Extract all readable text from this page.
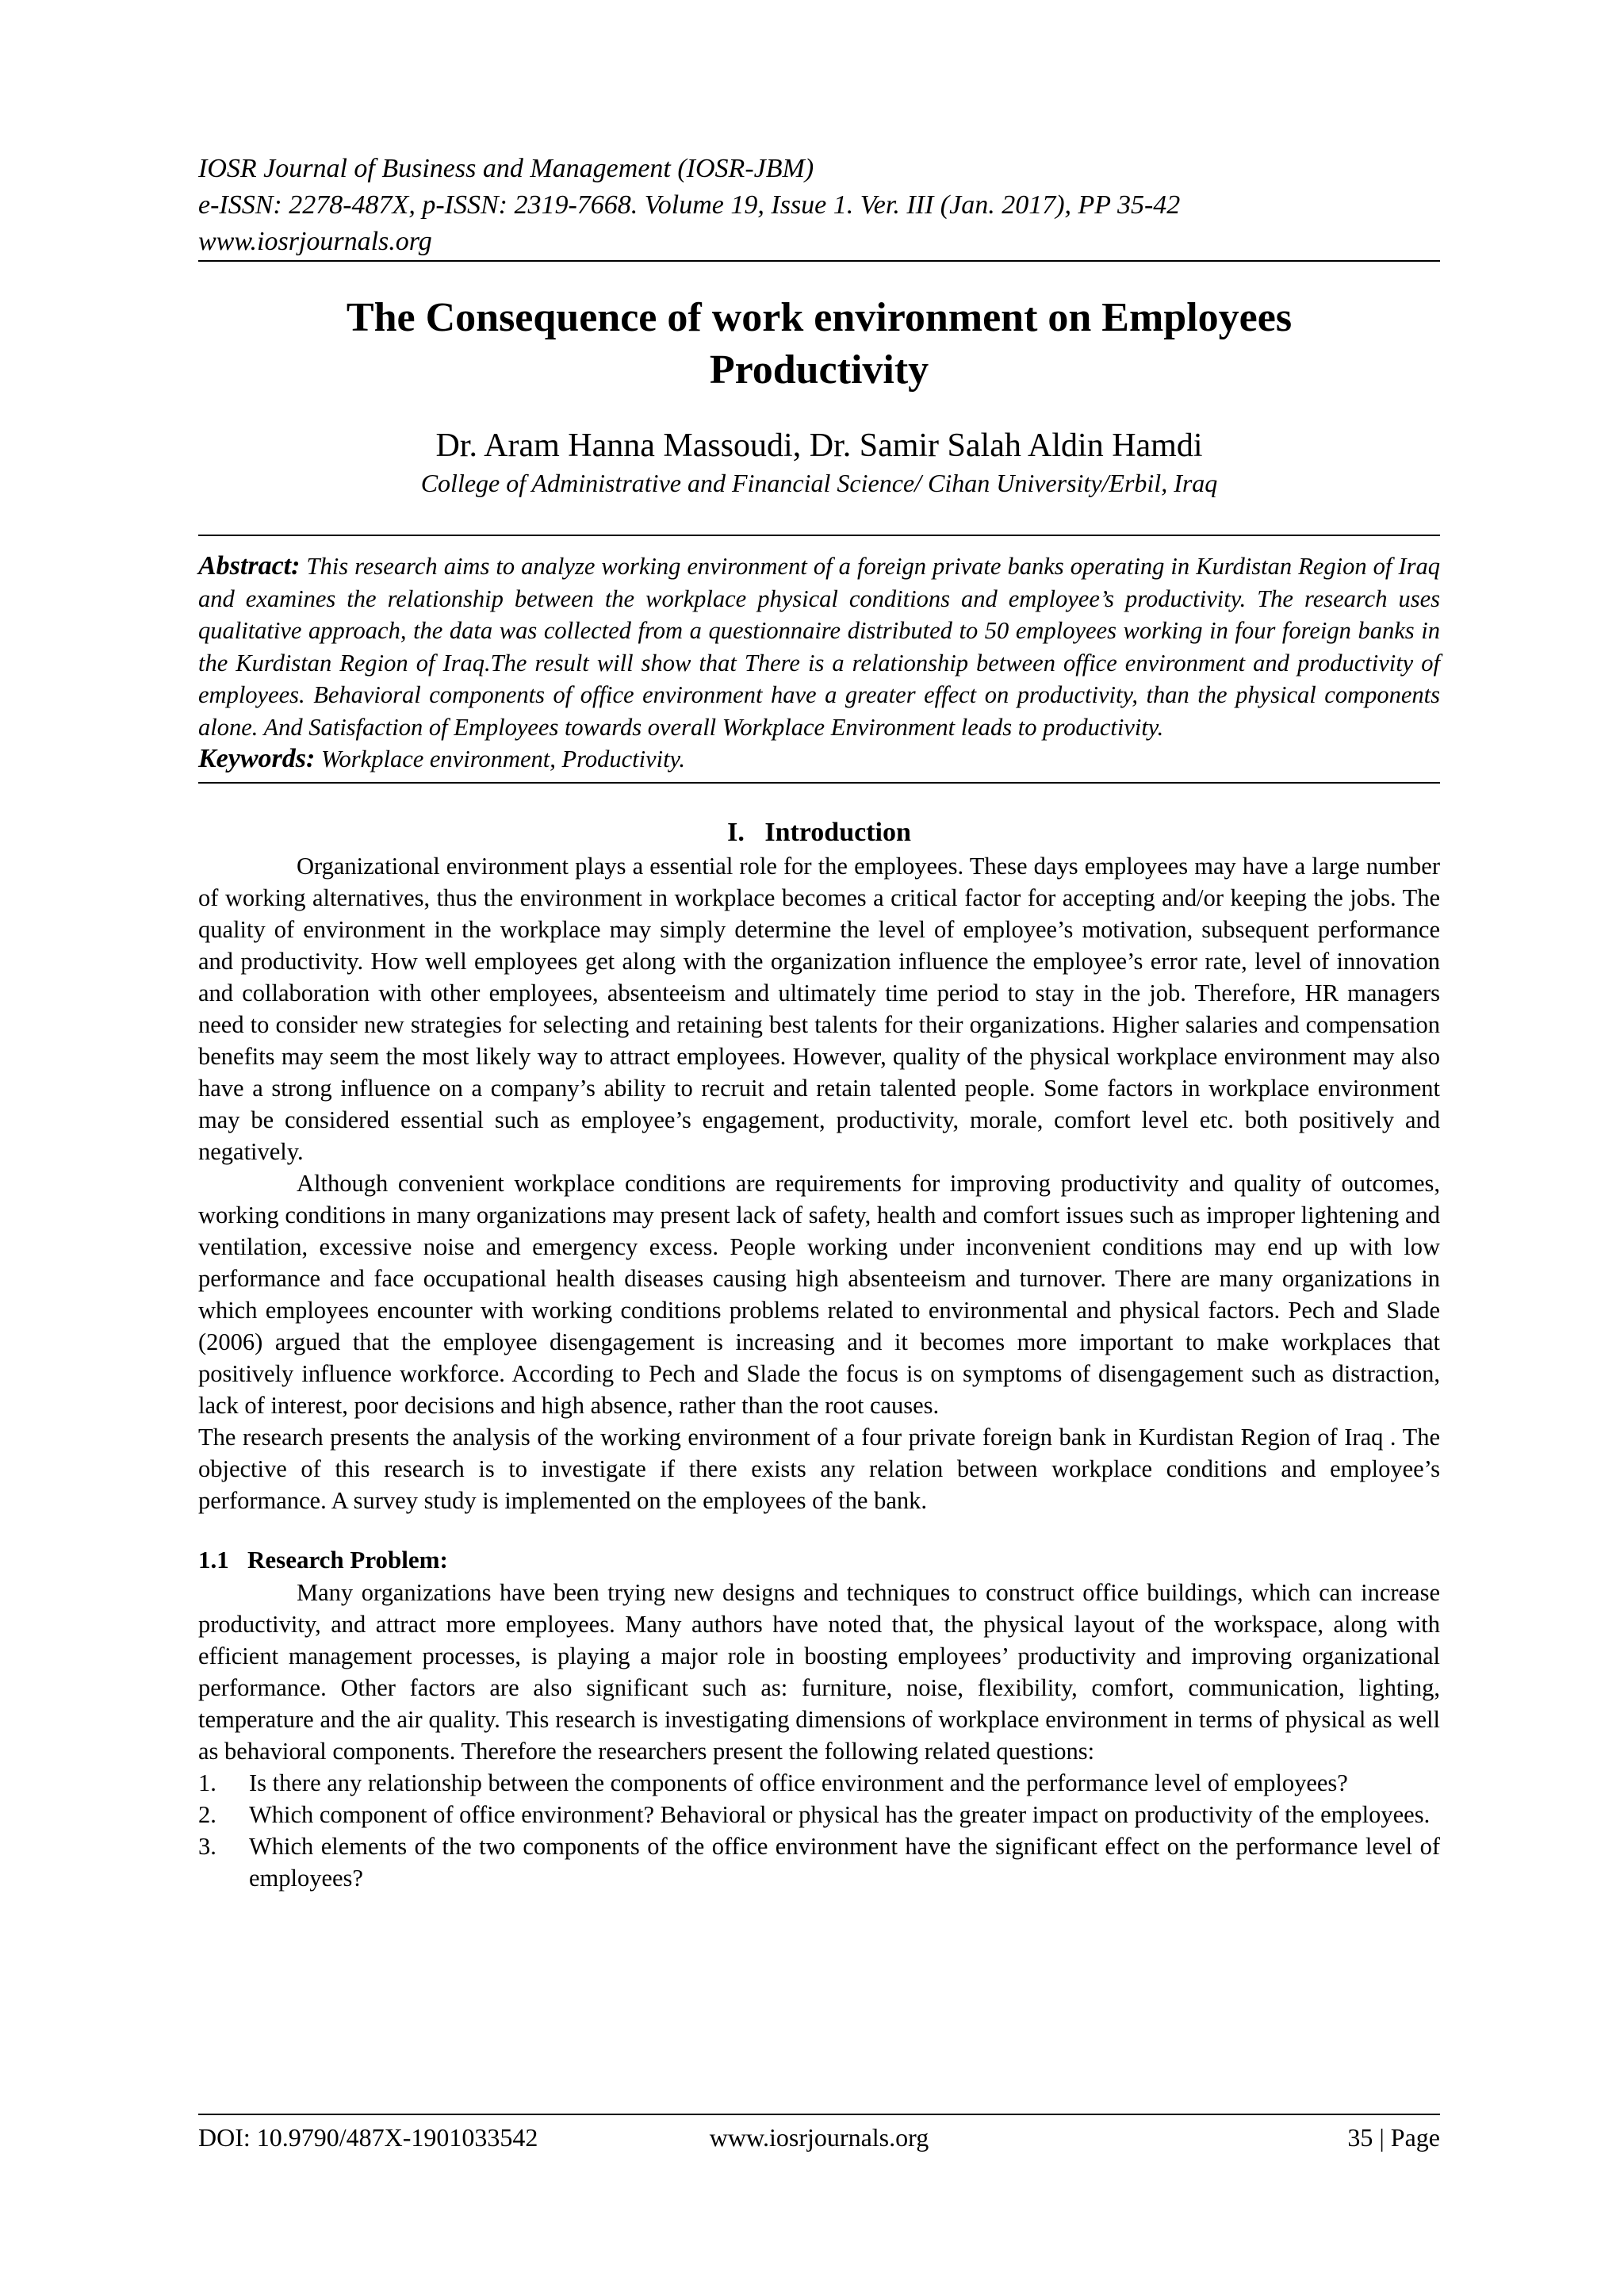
IOSR Journal of Business and Management (IOSR-JBM)
e-ISSN: 2278-487X, p-ISSN: 2319-7668. Volume 19, Issue 1. Ver. III (Jan. 2017), PP 35-42
www.iosrjournals.org
The Consequence of work environment on Employees Productivity
Dr. Aram Hanna Massoudi, Dr. Samir Salah Aldin Hamdi
College of Administrative and Financial Science/ Cihan University/Erbil, Iraq
Abstract: This research aims to analyze working environment of a foreign private banks operating in Kurdistan Region of Iraq and examines the relationship between the workplace physical conditions and employee’s productivity. The research uses qualitative approach, the data was collected from a questionnaire distributed to 50 employees working in four foreign banks in the Kurdistan Region of Iraq.The result will show that There is a relationship between office environment and productivity of employees. Behavioral components of office environment have a greater effect on productivity, than the physical components alone. And Satisfaction of Employees towards overall Workplace Environment leads to productivity.
Keywords: Workplace environment, Productivity.
I.   Introduction

Organizational environment plays a essential role for the employees. These days employees may have a large number of working alternatives, thus the environment in workplace becomes a critical factor for accepting and/or keeping the jobs. The quality of environment in the workplace may simply determine the level of employee’s motivation, subsequent performance and productivity. How well employees get along with the organization influence the employee’s error rate, level of innovation and collaboration with other employees, absenteeism and ultimately time period to stay in the job. Therefore, HR managers need to consider new strategies for selecting and retaining best talents for their organizations. Higher salaries and compensation benefits may seem the most likely way to attract employees. However, quality of the physical workplace environment may also have a strong influence on a company’s ability to recruit and retain talented people. Some factors in workplace environment may be considered essential such as employee’s engagement, productivity, morale, comfort level etc. both positively and negatively.

Although convenient workplace conditions are requirements for improving productivity and quality of outcomes, working conditions in many organizations may present lack of safety, health and comfort issues such as improper lightening and ventilation, excessive noise and emergency excess. People working under inconvenient conditions may end up with low performance and face occupational health diseases causing high absenteeism and turnover. There are many organizations in which employees encounter with working conditions problems related to environmental and physical factors. Pech and Slade (2006) argued that the employee disengagement is increasing and it becomes more important to make workplaces that positively influence workforce. According to Pech and Slade the focus is on symptoms of disengagement such as distraction, lack of interest, poor decisions and high absence, rather than the root causes.

The research presents the analysis of the working environment of a four private foreign bank in Kurdistan Region of Iraq . The objective of this research is to investigate if there exists any relation between workplace conditions and employee’s performance. A survey study is implemented on the employees of the bank.

1.1   Research Problem:

Many organizations have been trying new designs and techniques to construct office buildings, which can increase productivity, and attract more employees. Many authors have noted that, the physical layout of the workspace, along with efficient management processes, is playing a major role in boosting employees’ productivity and improving organizational performance. Other factors are also significant such as: furniture, noise, flexibility, comfort, communication, lighting, temperature and the air quality. This research is investigating dimensions of workplace environment in terms of physical as well as behavioral components. Therefore the researchers present the following related questions:

1. Is there any relationship between the components of office environment and the performance level of employees?
2. Which component of office environment? Behavioral or physical has the greater impact on productivity of the employees.
3. Which elements of the two components of the office environment have the significant effect on the performance level of employees?
DOI: 10.9790/487X-1901033542	www.iosrjournals.org	35 | Page
